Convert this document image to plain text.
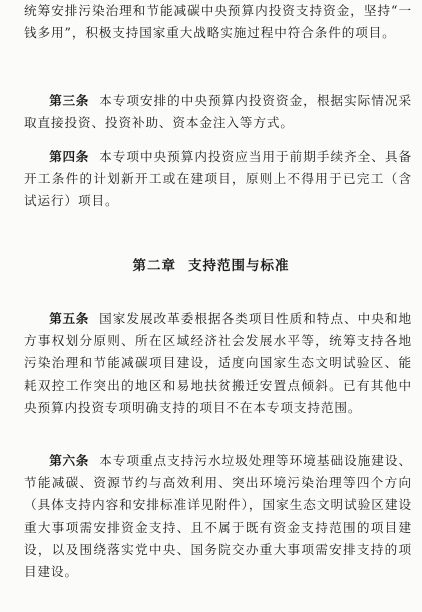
统筹安排污染治理和节能减碳中央预算内投资支持资金，坚持“一钱多用”，积极支持国家重大战略实施过程中符合条件的项目。

第三条 本专项安排的中央预算内投资资金，根据实际情况采取直接投资、投资补助、资本金注入等方式。

第四条 本专项中央预算内投资应当用于前期手续齐全、具备开工条件的计划新开工或在建项目，原则上不得用于已完工（含试运行）项目。

第二章 支持范围与标准

第五条 国家发展改革委根据各类项目性质和特点、中央和地方事权划分原则、所在区域经济社会发展水平等，统筹支持各地污染治理和节能减碳项目建设，适度向国家生态文明试验区、能耗双控工作突出的地区和易地扶贫搬迁安置点倾斜。已有其他中央预算内投资专项明确支持的项目不在本专项支持范围。

第六条 本专项重点支持污水垃圾处理等环境基础设施建设、节能减碳、资源节约与高效利用、突出环境污染治理等四个方向（具体支持内容和安排标准详见附件），国家生态文明试验区建设重大事项需安排资金支持、且不属于既有资金支持范围的项目建设，以及围绕落实党中央、国务院交办重大事项需安排支持的项目建设。
